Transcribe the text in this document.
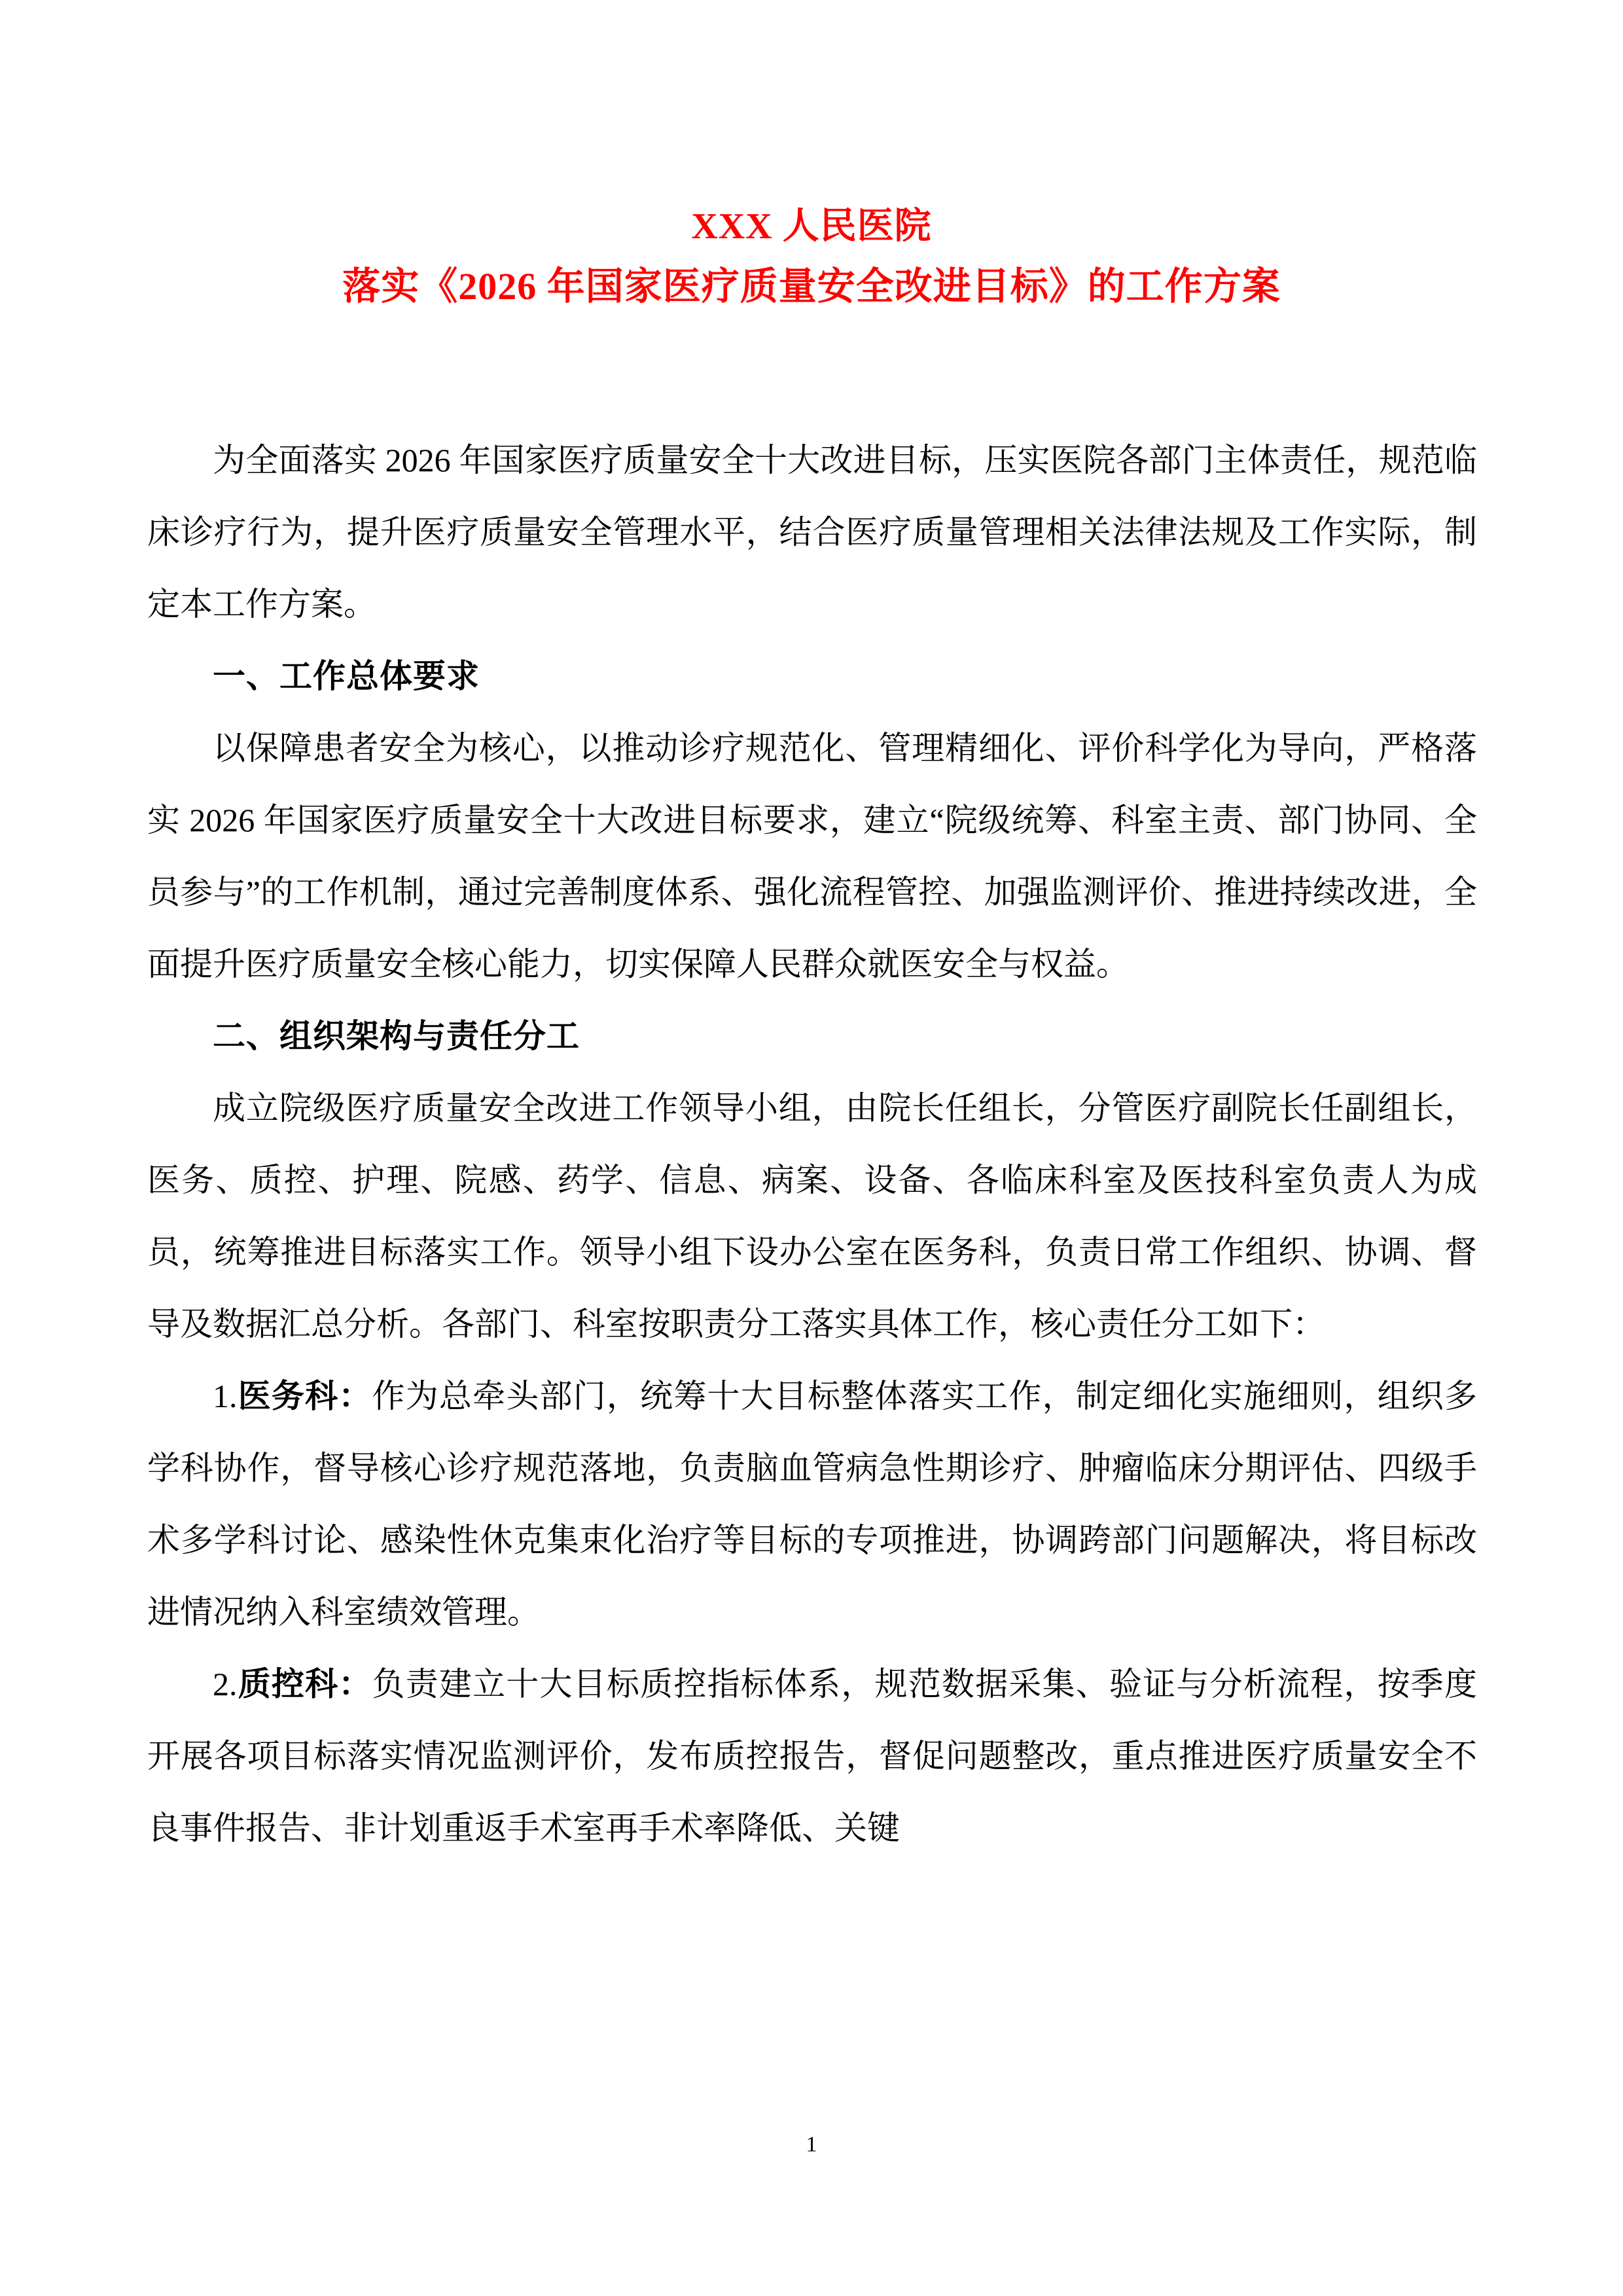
XXX 人民医院
落实《2026 年国家医疗质量安全改进目标》的工作方案

为全面落实 2026 年国家医疗质量安全十大改进目标，压实医院各部门主体责任，规范临床诊疗行为，提升医疗质量安全管理水平，结合医疗质量管理相关法律法规及工作实际，制定本工作方案。

一、工作总体要求

以保障患者安全为核心，以推动诊疗规范化、管理精细化、评价科学化为导向，严格落实 2026 年国家医疗质量安全十大改进目标要求，建立“院级统筹、科室主责、部门协同、全员参与”的工作机制，通过完善制度体系、强化流程管控、加强监测评价、推进持续改进，全面提升医疗质量安全核心能力，切实保障人民群众就医安全与权益。

二、组织架构与责任分工

成立院级医疗质量安全改进工作领导小组，由院长任组长，分管医疗副院长任副组长，医务、质控、护理、院感、药学、信息、病案、设备、各临床科室及医技科室负责人为成员，统筹推进目标落实工作。领导小组下设办公室在医务科，负责日常工作组织、协调、督导及数据汇总分析。各部门、科室按职责分工落实具体工作，核心责任分工如下：

1.医务科：作为总牵头部门，统筹十大目标整体落实工作，制定细化实施细则，组织多学科协作，督导核心诊疗规范落地，负责脑血管病急性期诊疗、肿瘤临床分期评估、四级手术多学科讨论、感染性休克集束化治疗等目标的专项推进，协调跨部门问题解决，将目标改进情况纳入科室绩效管理。

2.质控科：负责建立十大目标质控指标体系，规范数据采集、验证与分析流程，按季度开展各项目标落实情况监测评价，发布质控报告，督促问题整改，重点推进医疗质量安全不良事件报告、非计划重返手术室再手术率降低、关键

1
